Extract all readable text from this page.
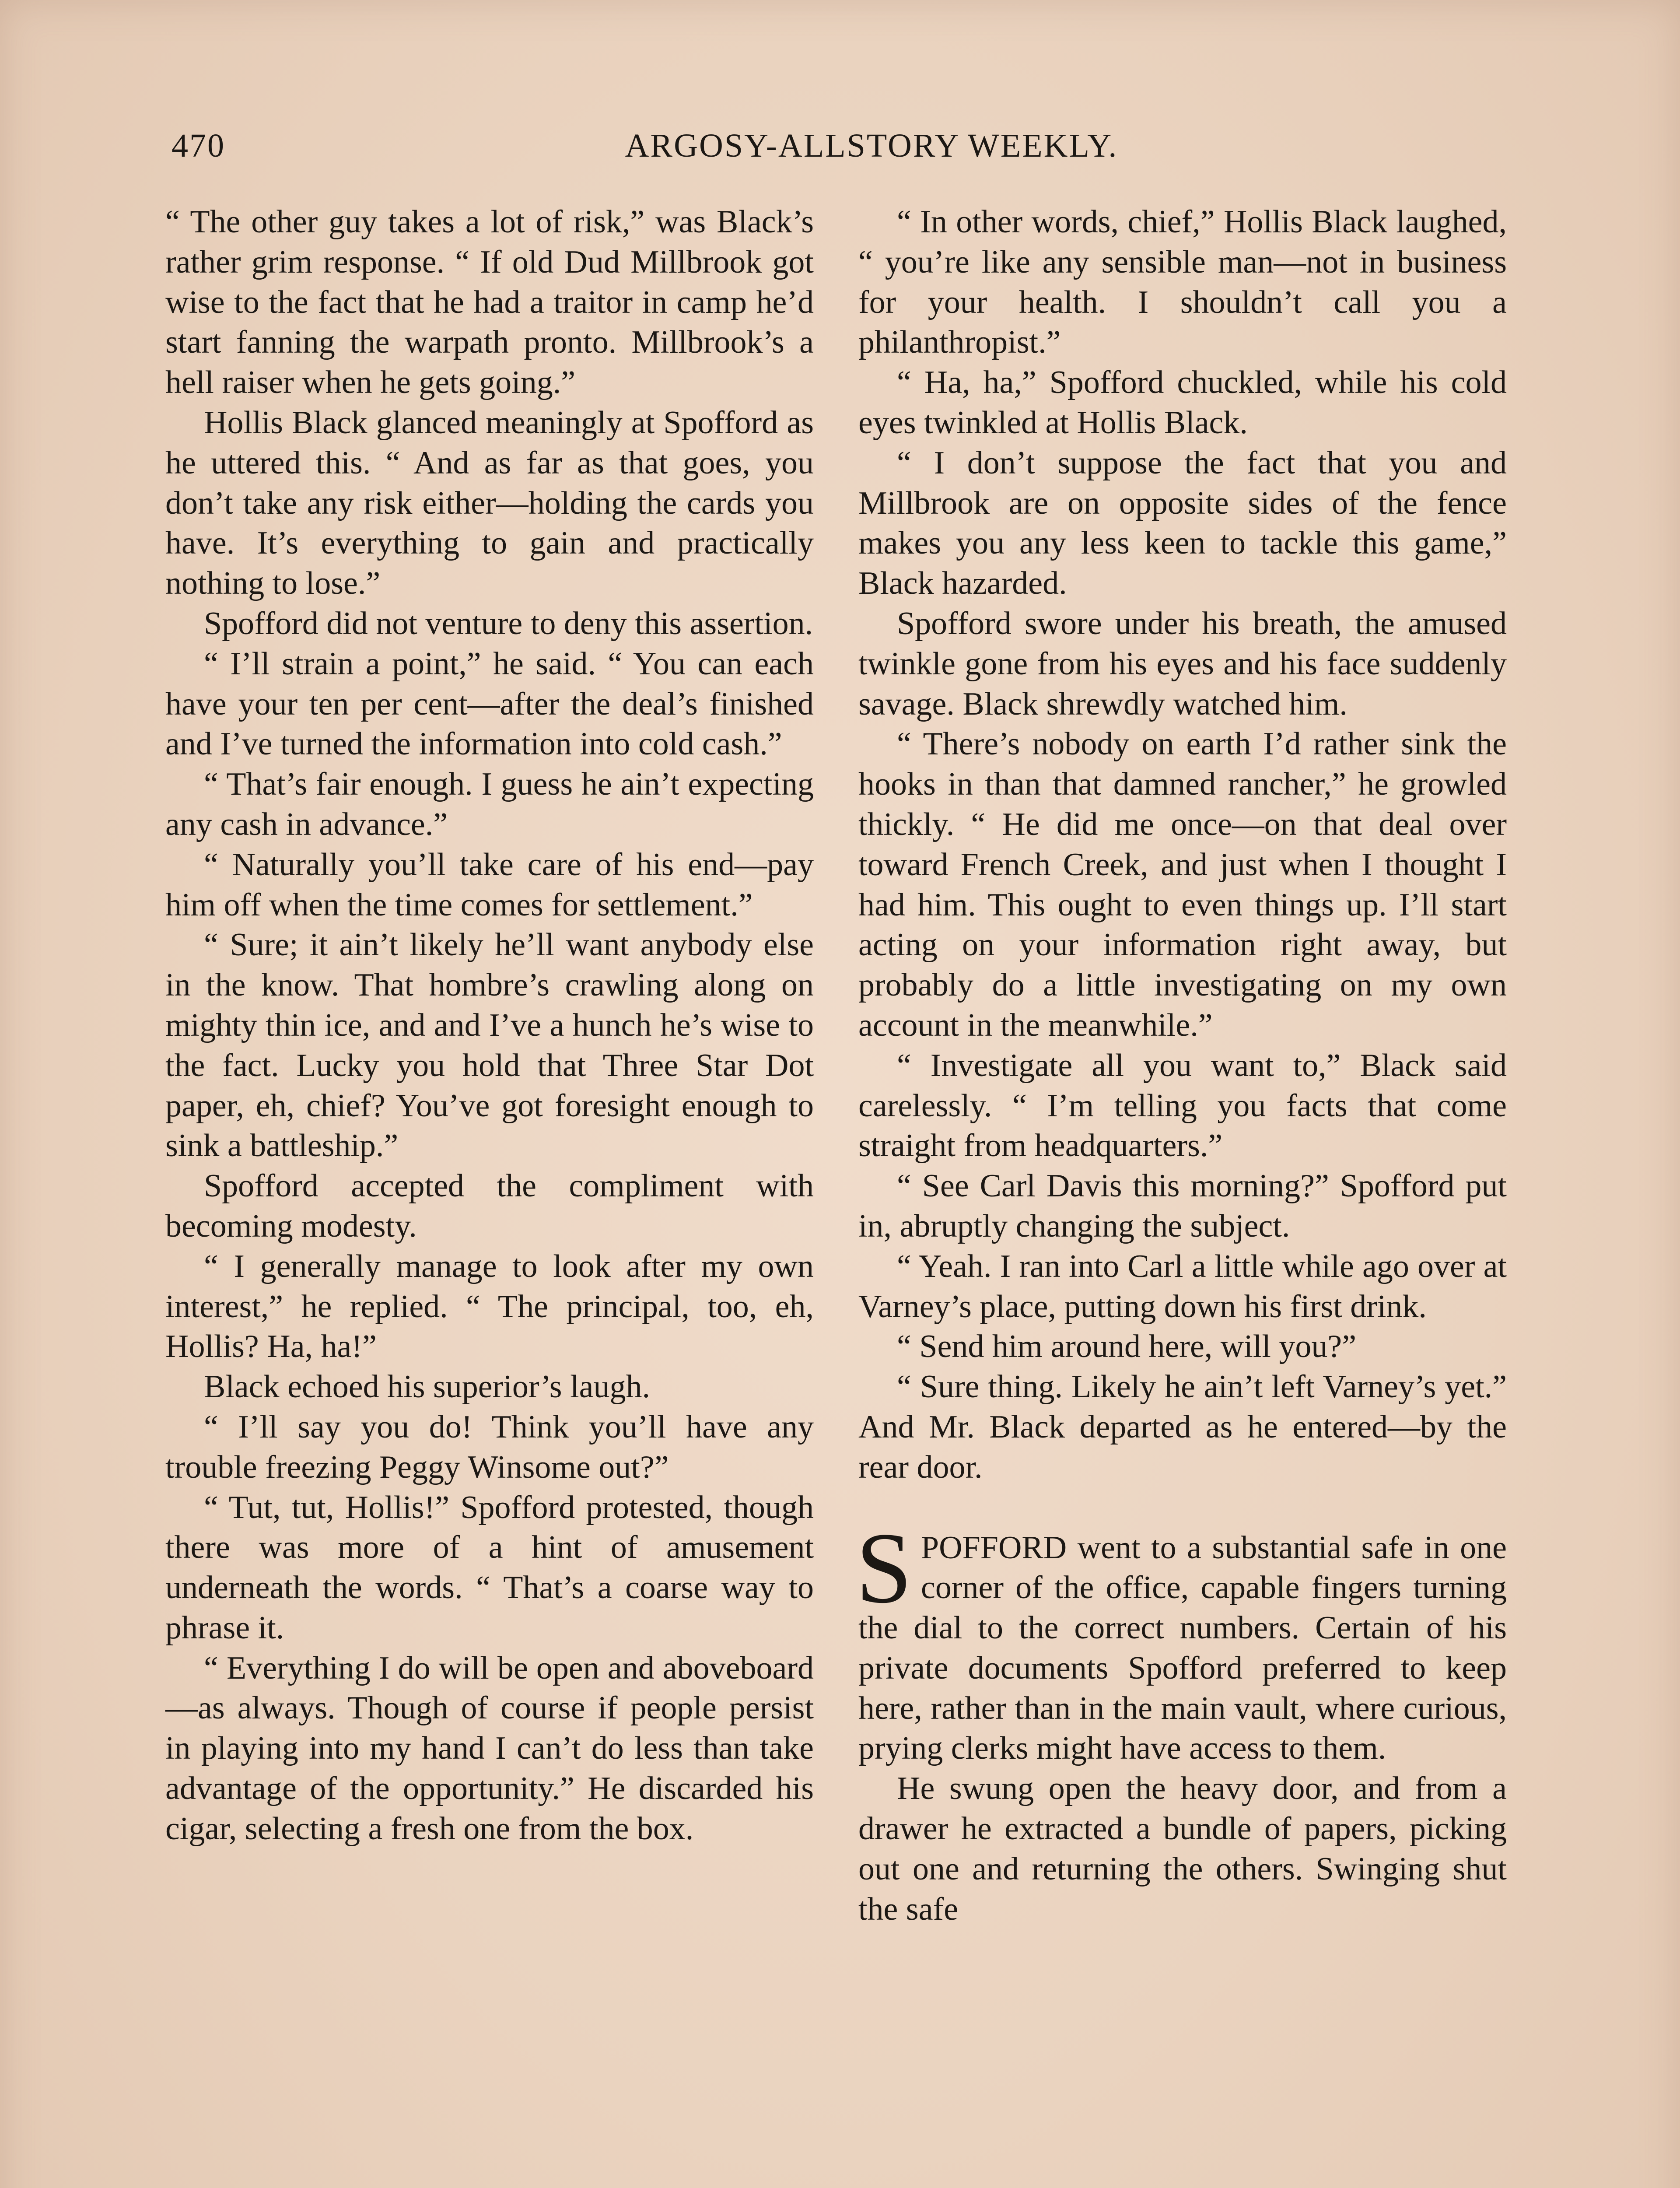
470	ARGOSY-ALLSTORY WEEKLY.

“ The other guy takes a lot of risk,” was Black’s rather grim response. “ If old Dud Millbrook got wise to the fact that he had a traitor in camp he’d start fanning the warpath pronto. Millbrook’s a hell raiser when he gets going.”

Hollis Black glanced meaningly at Spofford as he uttered this. “ And as far as that goes, you don’t take any risk either—holding the cards you have. It’s everything to gain and practically nothing to lose.”

Spofford did not venture to deny this assertion.

“ I’ll strain a point,” he said. “ You can each have your ten per cent—after the deal’s finished and I’ve turned the information into cold cash.”

“ That’s fair enough. I guess he ain’t expecting any cash in advance.”

“ Naturally you’ll take care of his end—pay him off when the time comes for settlement.”

“ Sure; it ain’t likely he’ll want anybody else in the know. That hombre’s crawling along on mighty thin ice, and and I’ve a hunch he’s wise to the fact. Lucky you hold that Three Star Dot paper, eh, chief? You’ve got foresight enough to sink a battleship.”

Spofford accepted the compliment with becoming modesty.

“ I generally manage to look after my own interest,” he replied. “ The principal, too, eh, Hollis? Ha, ha!”

Black echoed his superior’s laugh.

“ I’ll say you do! Think you’ll have any trouble freezing Peggy Winsome out?”

“ Tut, tut, Hollis!” Spofford protested, though there was more of a hint of amusement underneath the words. “ That’s a coarse way to phrase it.

“ Everything I do will be open and aboveboard—as always. Though of course if people persist in playing into my hand I can’t do less than take advantage of the opportunity.” He discarded his cigar, selecting a fresh one from the box.

“ In other words, chief,” Hollis Black laughed, “ you’re like any sensible man—not in business for your health. I shouldn’t call you a philanthropist.”

“ Ha, ha,” Spofford chuckled, while his cold eyes twinkled at Hollis Black.

“ I don’t suppose the fact that you and Millbrook are on opposite sides of the fence makes you any less keen to tackle this game,” Black hazarded.

Spofford swore under his breath, the amused twinkle gone from his eyes and his face suddenly savage. Black shrewdly watched him.

“ There’s nobody on earth I’d rather sink the hooks in than that damned rancher,” he growled thickly. “ He did me once—on that deal over toward French Creek, and just when I thought I had him. This ought to even things up. I’ll start acting on your information right away, but probably do a little investigating on my own account in the meanwhile.”

“ Investigate all you want to,” Black said carelessly. “ I’m telling you facts that come straight from headquarters.”

“ See Carl Davis this morning?” Spofford put in, abruptly changing the subject.

“ Yeah. I ran into Carl a little while ago over at Varney’s place, putting down his first drink.

“ Send him around here, will you?”

“ Sure thing. Likely he ain’t left Varney’s yet.” And Mr. Black departed as he entered—by the rear door.

SPOFFORD went to a substantial safe in one corner of the office, capable fingers turning the dial to the correct numbers. Certain of his private documents Spofford preferred to keep here, rather than in the main vault, where curious, prying clerks might have access to them.

He swung open the heavy door, and from a drawer he extracted a bundle of papers, picking out one and returning the others. Swinging shut the safe
